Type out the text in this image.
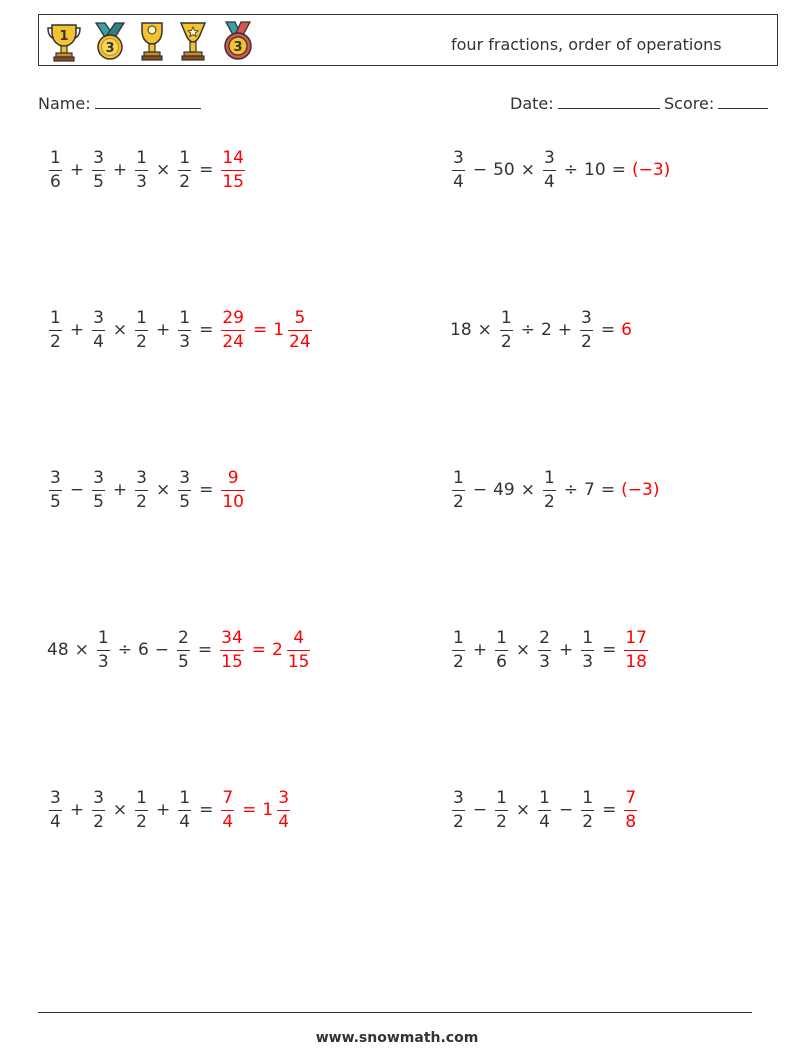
1
3	3	four fractions, order of operations
Name:	Date:	Score:
$\frac{1}{6} + \frac{3}{5} + \frac{1}{3} \times \frac{1}{2} = \frac{14}{15}$	$\frac{3}{4} - 50 \times \frac{3}{4} \div 10 = (-3)$
$\frac{1}{2} + \frac{3}{4} \times \frac{1}{2} + \frac{1}{3} = \frac{29}{24} = 1 \frac{5}{24}$	$18 \times \frac{1}{2} \div 2 + \frac{3}{2} = 6$
$\frac{3}{5} - \frac{3}{5} + \frac{3}{2} \times \frac{3}{5} = \frac{9}{10}$	$\frac{1}{2} - 49 \times \frac{1}{2} \div 7 = (-3)$
$48 \times \frac{1}{3} \div 6 - \frac{2}{5} = \frac{34}{15} = 2 \frac{4}{15}$	$\frac{1}{2} + \frac{1}{6} \times \frac{2}{3} + \frac{1}{3} = \frac{17}{18}$
$\frac{3}{4} + \frac{3}{2} \times \frac{1}{2} + \frac{1}{4} = \frac{7}{4} = 1 \frac{3}{4}$	$\frac{3}{2} - \frac{1}{2} \times \frac{1}{4} - \frac{1}{2} = \frac{7}{8}$
www.snowmath.com
